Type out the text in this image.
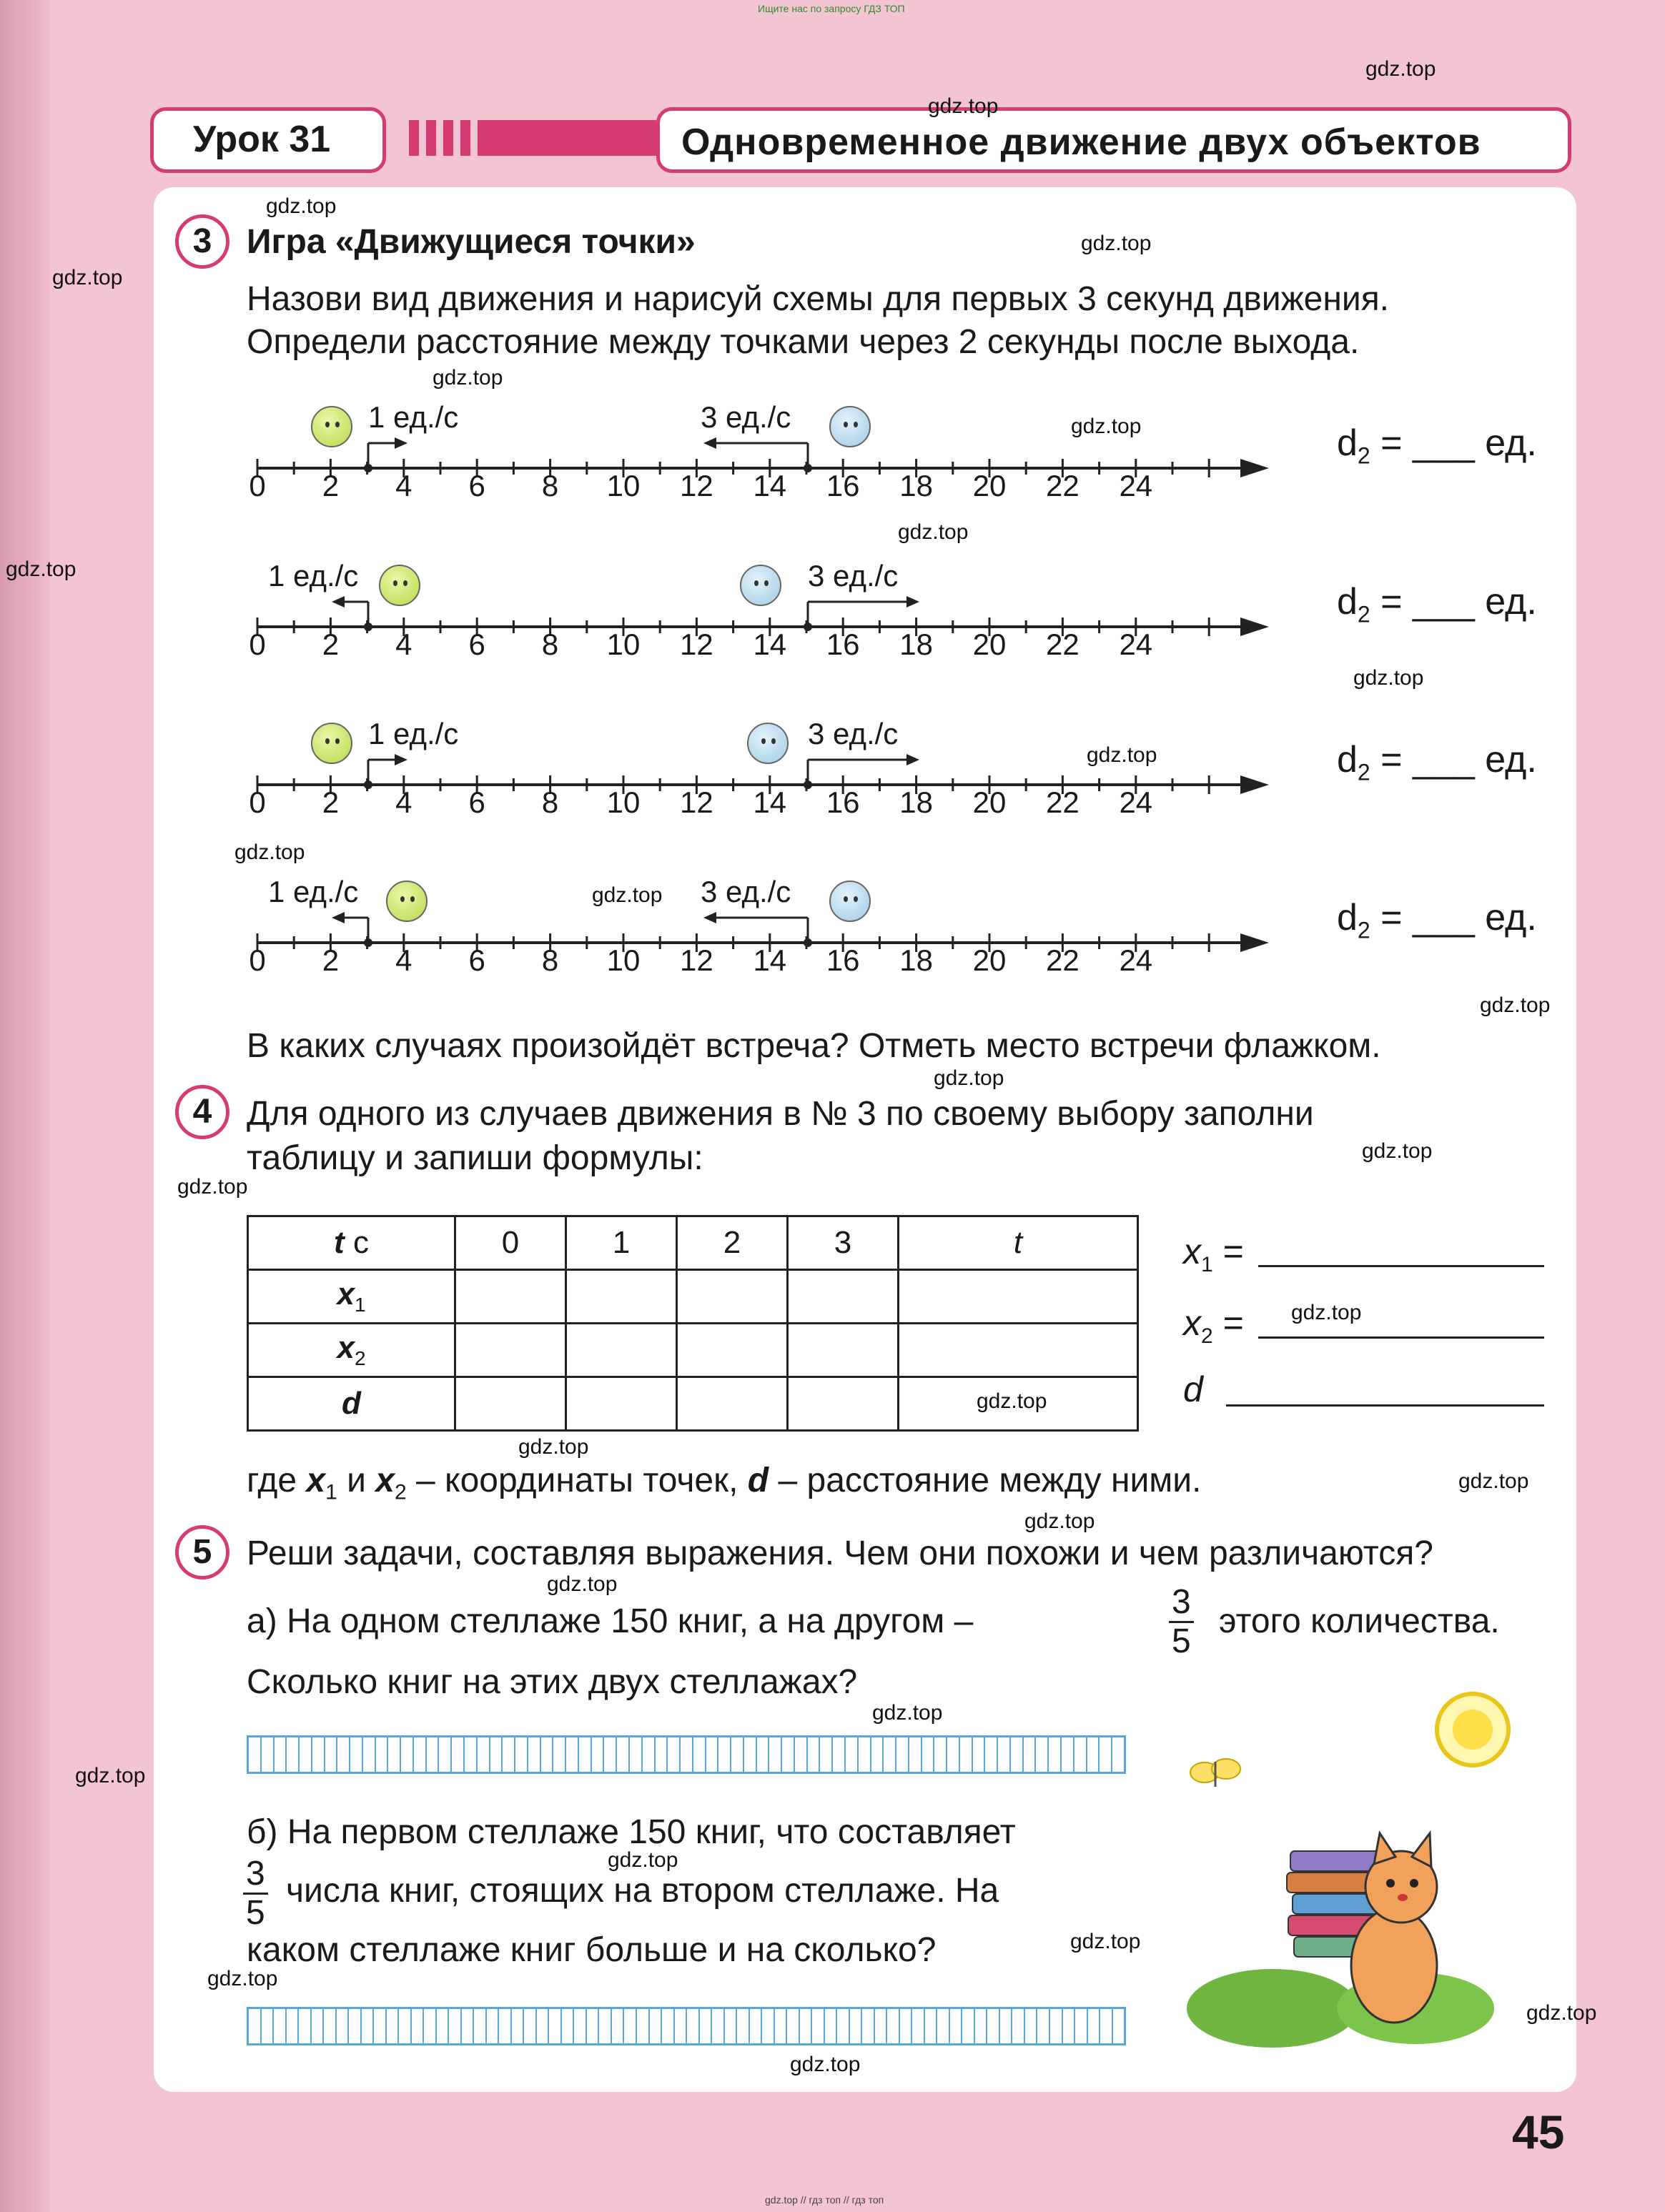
Ищите нас по запросу ГДЗ ТОП
Урок 31	Одновременное движение двух объектов
3	Игра «Движущиеся точки»
Назови вид движения и нарисуй схемы для первых 3 секунд движения.
Определи расстояние между точками через 2 секунды после выхода.
0	2	4	6	8	10 12 14 16 18 20 22 24
1 ед./с	3 ед./с
$d_2$ = ___ ед.
0	2	4	6	8	10 12 14 16 18 20 22 24
1 ед./с	3 ед./с
$d_2$ = ___ ед.
0	2	4	6	8	10 12 14 16 18 20 22 24
1 ед./с	3 ед./с
$d_2$ = ___ ед.
0	2	4	6	8	10 12 14 16 18 20 22 24
1 ед./с	3 ед./с
$d_2$ = ___ ед.
В каких случаях произойдёт встреча? Отметь место встречи флажком.
4	Для одного из случаев движения в № 3 по своему выбору заполни
таблицу и запиши формулы:
t с	0	1	2	3	t
$x_1$					
$x_2$					
d					
$x_1$ =
$x_2$ =
d
где $x_1$ и $x_2$ – координаты точек, d – расстояние между ними.
5	Реши задачи, составляя выражения. Чем они похожи и чем различаются?
а) На одном стеллаже 150 книг, а на другом –	$\frac{3}{5}$ этого количества.
Сколько книг на этих двух стеллажах?
б) На первом стеллаже 150 книг, что составляет
$\frac{3}{5}$ числа книг, стоящих на втором стеллаже. На
каком стеллаже книг больше и на сколько?
45
gdz.top // гдз топ // гдз топ
gdz.top
gdz.top
gdz.top
gdz.top
gdz.top
gdz.top
gdz.top
gdz.top
gdz.top
gdz.top
gdz.top
gdz.top
gdz.top
gdz.top
gdz.top
gdz.top
gdz.top
gdz.top
gdz.top
gdz.top
gdz.top
gdz.top
gdz.top
gdz.top
gdz.top
gdz.top
gdz.top
gdz.top
gdz.top
gdz.top
